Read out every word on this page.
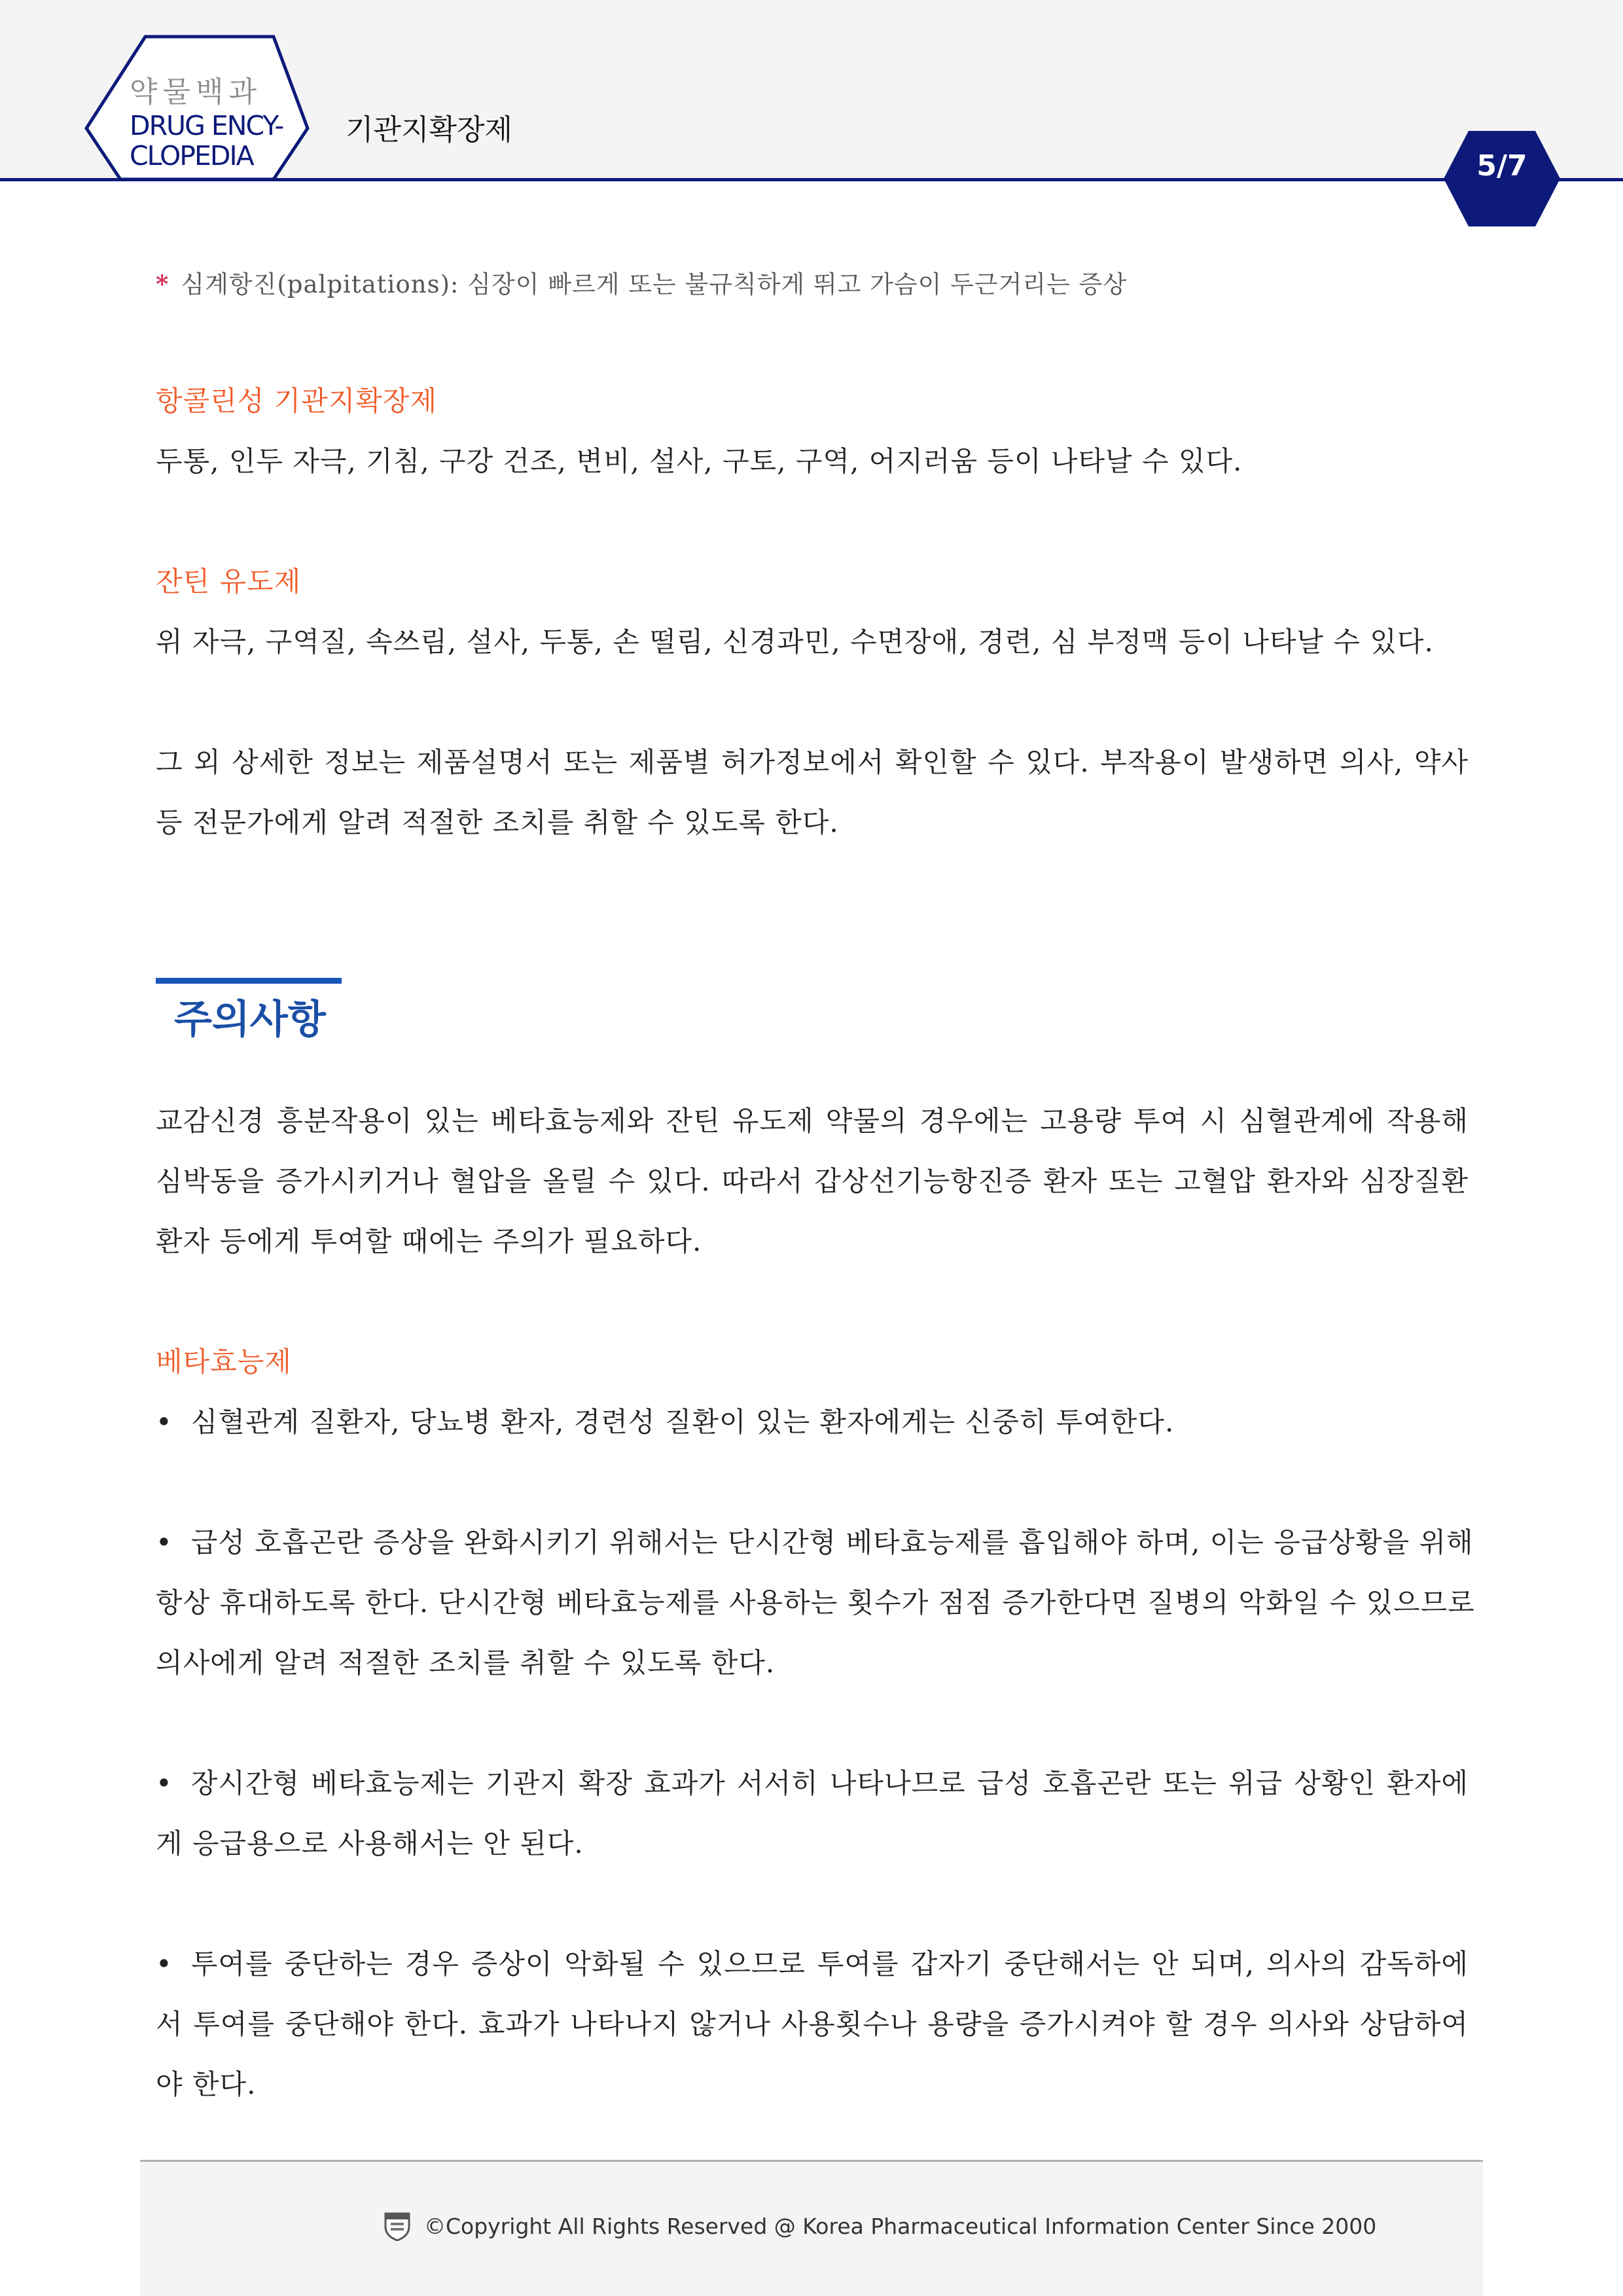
약물백과
DRUG ENCY-
CLOPEDIA
기관지확장제
5/7
* 심계항진(palpitations): 심장이 빠르게 또는 불규칙하게 뛰고 가슴이 두근거리는 증상
항콜린성 기관지확장제
두통, 인두 자극, 기침, 구강 건조, 변비, 설사, 구토, 구역, 어지러움 등이 나타날 수 있다.
잔틴 유도제
위 자극, 구역질, 속쓰림, 설사, 두통, 손 떨림, 신경과민, 수면장애, 경련, 심 부정맥 등이 나타날 수 있다.
그 외 상세한 정보는 제품설명서 또는 제품별 허가정보에서 확인할 수 있다. 부작용이 발생하면 의사, 약사
등 전문가에게 알려 적절한 조치를 취할 수 있도록 한다.
주의사항
교감신경 흥분작용이 있는 베타효능제와 잔틴 유도제 약물의 경우에는 고용량 투여 시 심혈관계에 작용해
심박동을 증가시키거나 혈압을 올릴 수 있다. 따라서 갑상선기능항진증 환자 또는 고혈압 환자와 심장질환
환자 등에게 투여할 때에는 주의가 필요하다.
베타효능제
• 심혈관계 질환자, 당뇨병 환자, 경련성 질환이 있는 환자에게는 신중히 투여한다.
• 급성 호흡곤란 증상을 완화시키기 위해서는 단시간형 베타효능제를 흡입해야 하며, 이는 응급상황을 위해
항상 휴대하도록 한다. 단시간형 베타효능제를 사용하는 횟수가 점점 증가한다면 질병의 악화일 수 있으므로
의사에게 알려 적절한 조치를 취할 수 있도록 한다.
• 장시간형 베타효능제는 기관지 확장 효과가 서서히 나타나므로 급성 호흡곤란 또는 위급 상황인 환자에
게 응급용으로 사용해서는 안 된다.
• 투여를 중단하는 경우 증상이 악화될 수 있으므로 투여를 갑자기 중단해서는 안 되며, 의사의 감독하에
서 투여를 중단해야 한다. 효과가 나타나지 않거나 사용횟수나 용량을 증가시켜야 할 경우 의사와 상담하여
야 한다.
©Copyright All Rights Reserved @ Korea Pharmaceutical Information Center Since 2000
